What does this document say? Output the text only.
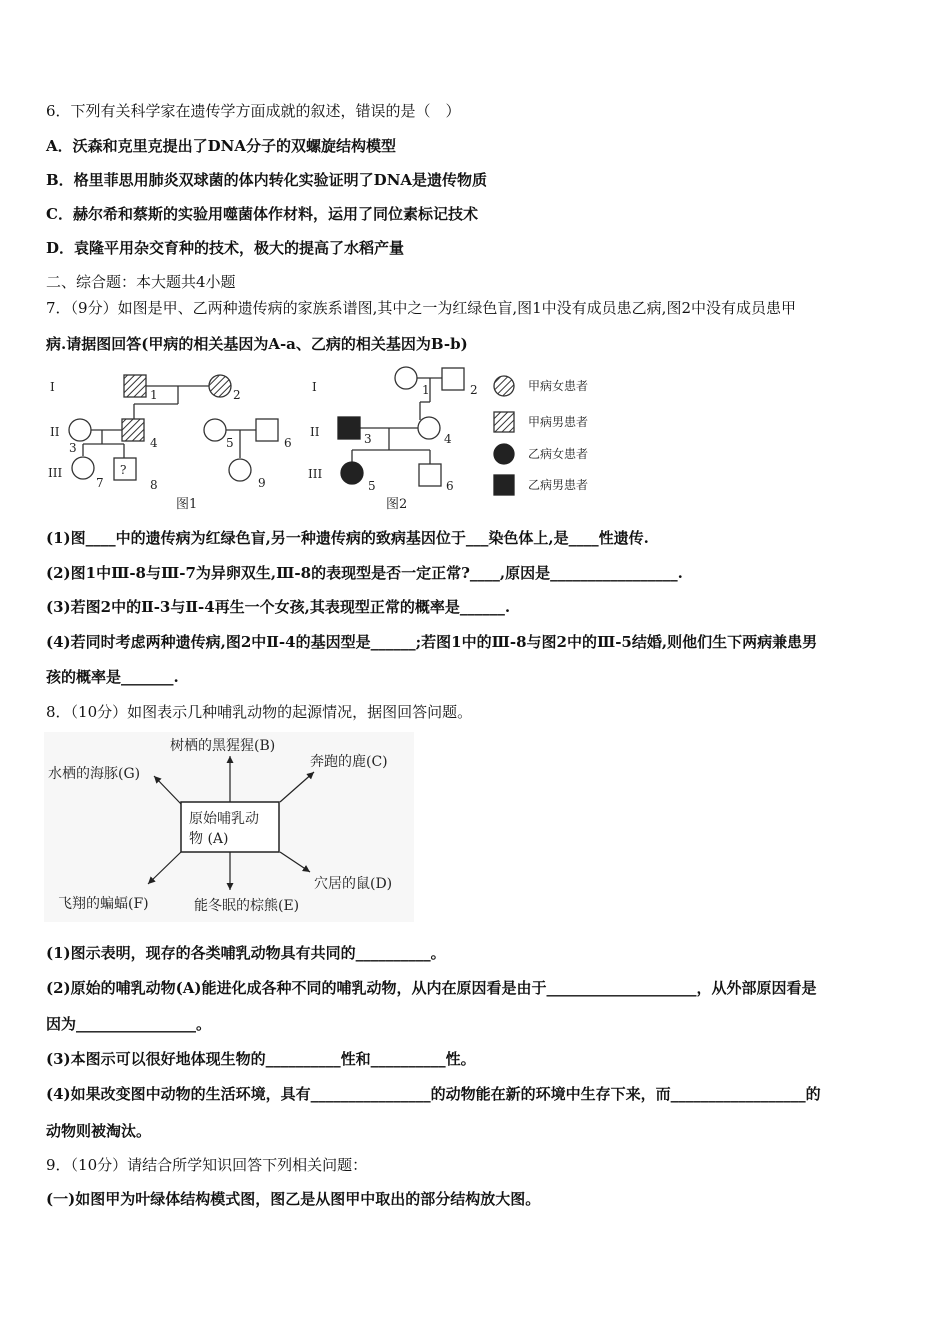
6．下列有关科学家在遗传学方面成就的叙述，错误的是（　）
A．沃森和克里克提出了DNA分子的双螺旋结构模型
B．格里菲思用肺炎双球菌的体内转化实验证明了DNA是遗传物质
C．赫尔希和蔡斯的实验用噬菌体作材料，运用了同位素标记技术
D．袁隆平用杂交育种的技术，极大的提高了水稻产量
二、综合题：本大题共4小题
7．（9分）如图是甲、乙两种遗传病的家族系谱图,其中之一为红绿色盲,图1中没有成员患乙病,图2中没有成员患甲
病.请据图回答(甲病的相关基因为A-a、乙病的相关基因为B-b)
I
II
III
I
II
III
1	2
3	4	5	6
7	8	9
?
1	2
3	4
5	6
图1	图2
甲病女患者
甲病男患者
乙病女患者
乙病男患者
(1)图____中的遗传病为红绿色盲,另一种遗传病的致病基因位于___染色体上,是____性遗传.
(2)图1中Ⅲ-8与Ⅲ-7为异卵双生,Ⅲ-8的表现型是否一定正常?____,原因是_________________.
(3)若图2中的Ⅱ-3与Ⅱ-4再生一个女孩,其表现型正常的概率是______.
(4)若同时考虑两种遗传病,图2中Ⅱ-4的基因型是______;若图1中的Ⅲ-8与图2中的Ⅲ-5结婚,则他们生下两病兼患男
孩的概率是_______.
8．（10分）如图表示几种哺乳动物的起源情况，据图回答问题。
原始哺乳动
物 (A)
树栖的黑猩猩(B)
奔跑的鹿(C)
穴居的鼠(D)
能冬眠的棕熊(E)
飞翔的蝙蝠(F)
水栖的海豚(G)
(1)图示表明，现存的各类哺乳动物具有共同的__________。
(2)原始的哺乳动物(A)能进化成各种不同的哺乳动物，从内在原因看是由于____________________，从外部原因看是
因为________________。
(3)本图示可以很好地体现生物的__________性和__________性。
(4)如果改变图中动物的生活环境，具有________________的动物能在新的环境中生存下来，而__________________的
动物则被淘汰。
9．（10分）请结合所学知识回答下列相关问题：
(一)如图甲为叶绿体结构模式图，图乙是从图甲中取出的部分结构放大图。
